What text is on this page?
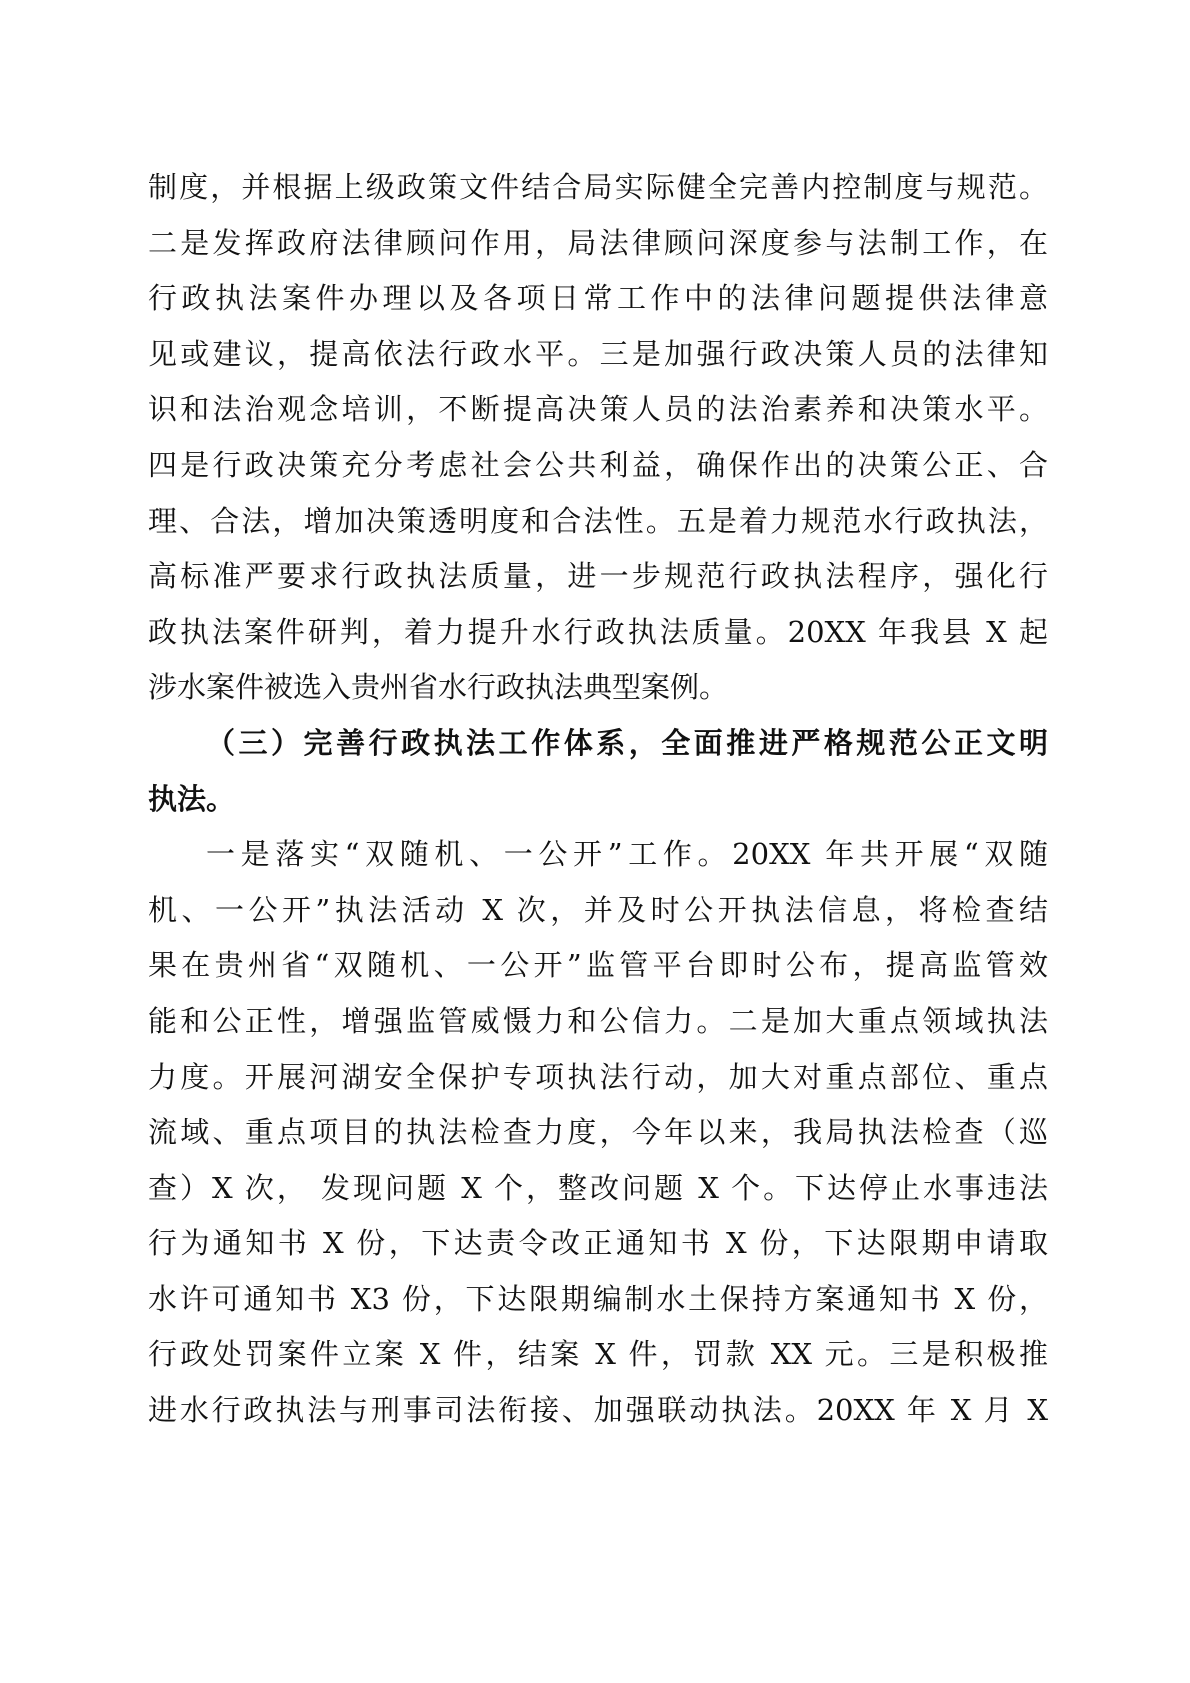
制度，并根据上级政策文件结合局实际健全完善内控制度与规范。
二是发挥政府法律顾问作用，局法律顾问深度参与法制工作，在
行政执法案件办理以及各项日常工作中的法律问题提供法律意
见或建议，提高依法行政水平。三是加强行政决策人员的法律知
识和法治观念培训，不断提高决策人员的法治素养和决策水平。
四是行政决策充分考虑社会公共利益，确保作出的决策公正、合
理、合法，增加决策透明度和合法性。五是着力规范水行政执法，
高标准严要求行政执法质量，进一步规范行政执法程序，强化行
政执法案件研判，着力提升水行政执法质量。20XX 年我县 X 起
涉水案件被选入贵州省水行政执法典型案例。
（三）完善行政执法工作体系，全面推进严格规范公正文明
执法。
一是落实“双随机、一公开”工作。20XX 年共开展“双随
机、一公开”执法活动 X 次，并及时公开执法信息，将检查结
果在贵州省“双随机、一公开”监管平台即时公布，提高监管效
能和公正性，增强监管威慑力和公信力。二是加大重点领域执法
力度。开展河湖安全保护专项执法行动，加大对重点部位、重点
流域、重点项目的执法检查力度，今年以来，我局执法检查（巡
查）X 次， 发现问题 X 个，整改问题 X 个。下达停止水事违法
行为通知书 X 份，下达责令改正通知书 X 份，下达限期申请取
水许可通知书 X3 份，下达限期编制水土保持方案通知书 X 份，
行政处罚案件立案 X 件，结案 X 件，罚款 XX 元。三是积极推
进水行政执法与刑事司法衔接、加强联动执法。20XX 年 X 月 X
